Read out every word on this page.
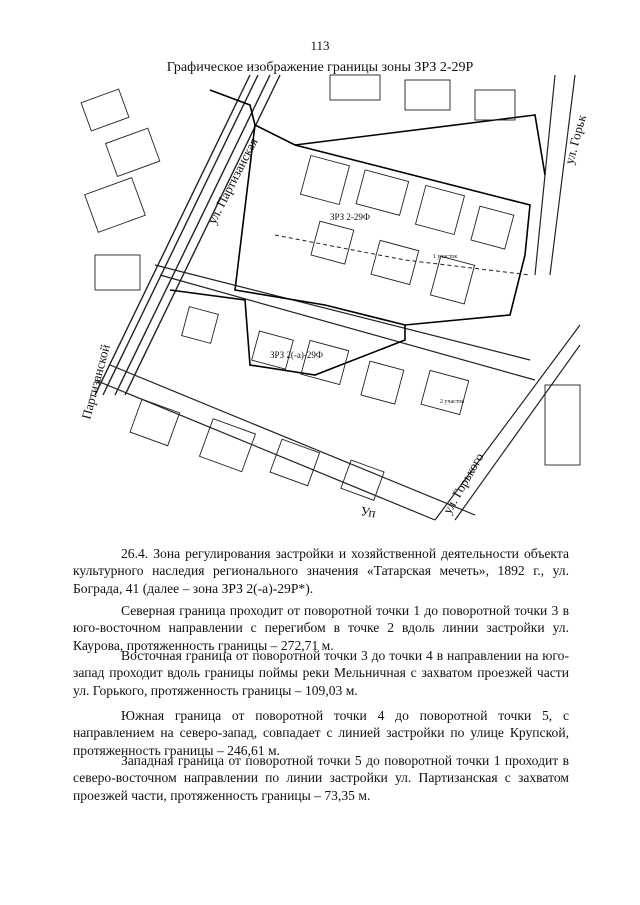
113
Графическое изображение границы зоны ЗРЗ 2-29Р
ул. Партизанская
Партизанской
ул. Горьк
ул. Горького
Уп
ЗРЗ 2-29Ф
ЗРЗ 2(-а)-29Ф
1 участок
2 участок

26.4. Зона регулирования застройки и хозяйственной деятельности объекта культурного наследия регионального значения «Татарская мечеть», 1892 г., ул. Бограда, 41 (далее – зона ЗРЗ 2(-а)-29Р*).

Северная граница проходит от поворотной точки 1 до поворотной точки 3 в юго-восточном направлении с перегибом в точке 2 вдоль линии застройки ул. Каурова, протяженность границы – 272,71 м.

Восточная граница от поворотной точки 3 до точки 4 в направлении на юго-запад проходит вдоль границы поймы реки Мельничная с захватом проезжей части ул. Горького, протяженность границы – 109,03 м.

Южная граница от поворотной точки 4 до поворотной точки 5, с направлением на северо-запад, совпадает с линией застройки по улице Крупской, протяженность границы – 246,61 м.

Западная граница от поворотной точки 5 до поворотной точки 1 проходит в северо-восточном направлении по линии застройки ул. Партизанская с захватом проезжей части, протяженность границы – 73,35 м.
